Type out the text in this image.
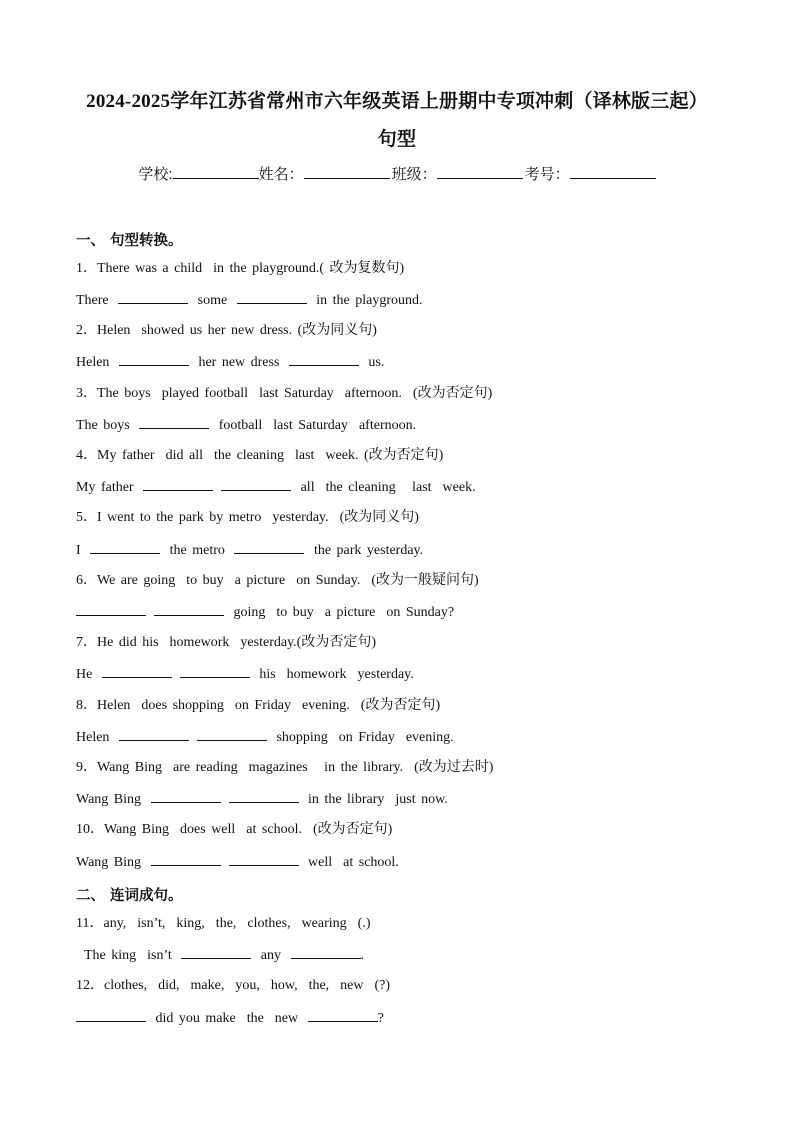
2024-2025学年江苏省常州市六年级英语上册期中专项冲刺（译林版三起）
句型
学校:	姓名：	班级：	考号：
一、 句型转换。
1．There was a child  in the playground.( 改为复数句)
There	some	in the playground.
2．Helen  showed us her new dress. (改为同义句)
Helen	her new dress	us.
3．The boys  played football  last Saturday  afternoon.  (改为否定句)
The boys	football  last Saturday  afternoon.
4．My father  did all  the cleaning  last  week. (改为否定句)
My father	all  the cleaning   last  week.
5．I went to the park by metro  yesterday.  (改为同义句)
I	the metro	the park yesterday.
6．We are going  to buy  a picture  on Sunday.  (改为一般疑问句)
going  to buy  a picture  on Sunday?
7．He did his  homework  yesterday.(改为否定句)
He	his  homework  yesterday.
8．Helen  does shopping  on Friday  evening.  (改为否定句)
Helen	shopping  on Friday  evening.
9．Wang Bing  are reading  magazines   in the library.  (改为过去时)
Wang Bing	in the library  just now.
10．Wang Bing  does well  at school.  (改为否定句)
Wang Bing	well  at school.
二、 连词成句。
11．any,  isn’t,  king,  the,  clothes,  wearing  (.)
The king  isn’t	any	.
12．clothes,  did,  make,  you,  how,  the,  new  (?)
did you make  the  new	?
